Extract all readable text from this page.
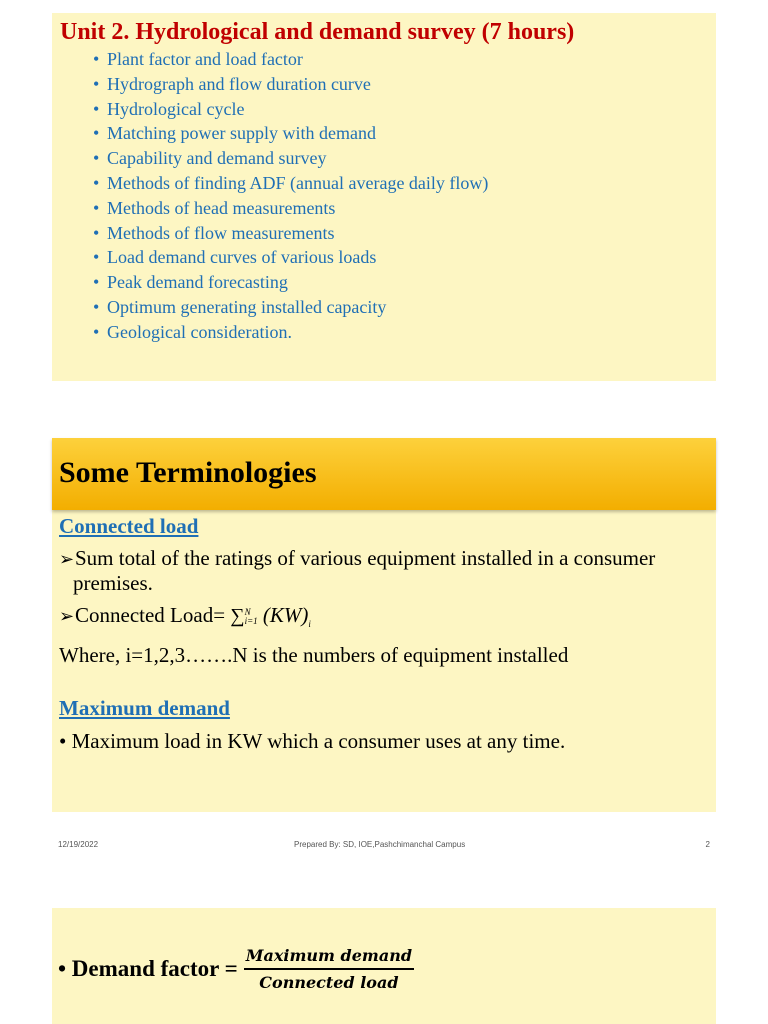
Unit 2. Hydrological and demand survey (7 hours)
• Plant factor and load factor
• Hydrograph and flow duration curve
• Hydrological cycle
• Matching power supply with demand
• Capability and demand survey
• Methods of finding ADF (annual average daily flow)
• Methods of head measurements
• Methods of flow measurements
• Load demand curves of various loads
• Peak demand forecasting
• Optimum generating installed capacity
• Geological consideration.
Some Terminologies
Connected load

➢Sum total of the ratings of various equipment installed in a consumer

premises.

➢Connected Load= ∑ N
i=1 $(KW)_i$

Where, i=1,2,3…….N is the numbers of equipment installed

Maximum demand

• Maximum load in KW which a consumer uses at any time.

12/19/2022	Prepared By: SD, IOE,Pashchimanchal Campus	2
• Demand factor = $\frac{\text{Maximum demand}}{\text{Connected load}}$
